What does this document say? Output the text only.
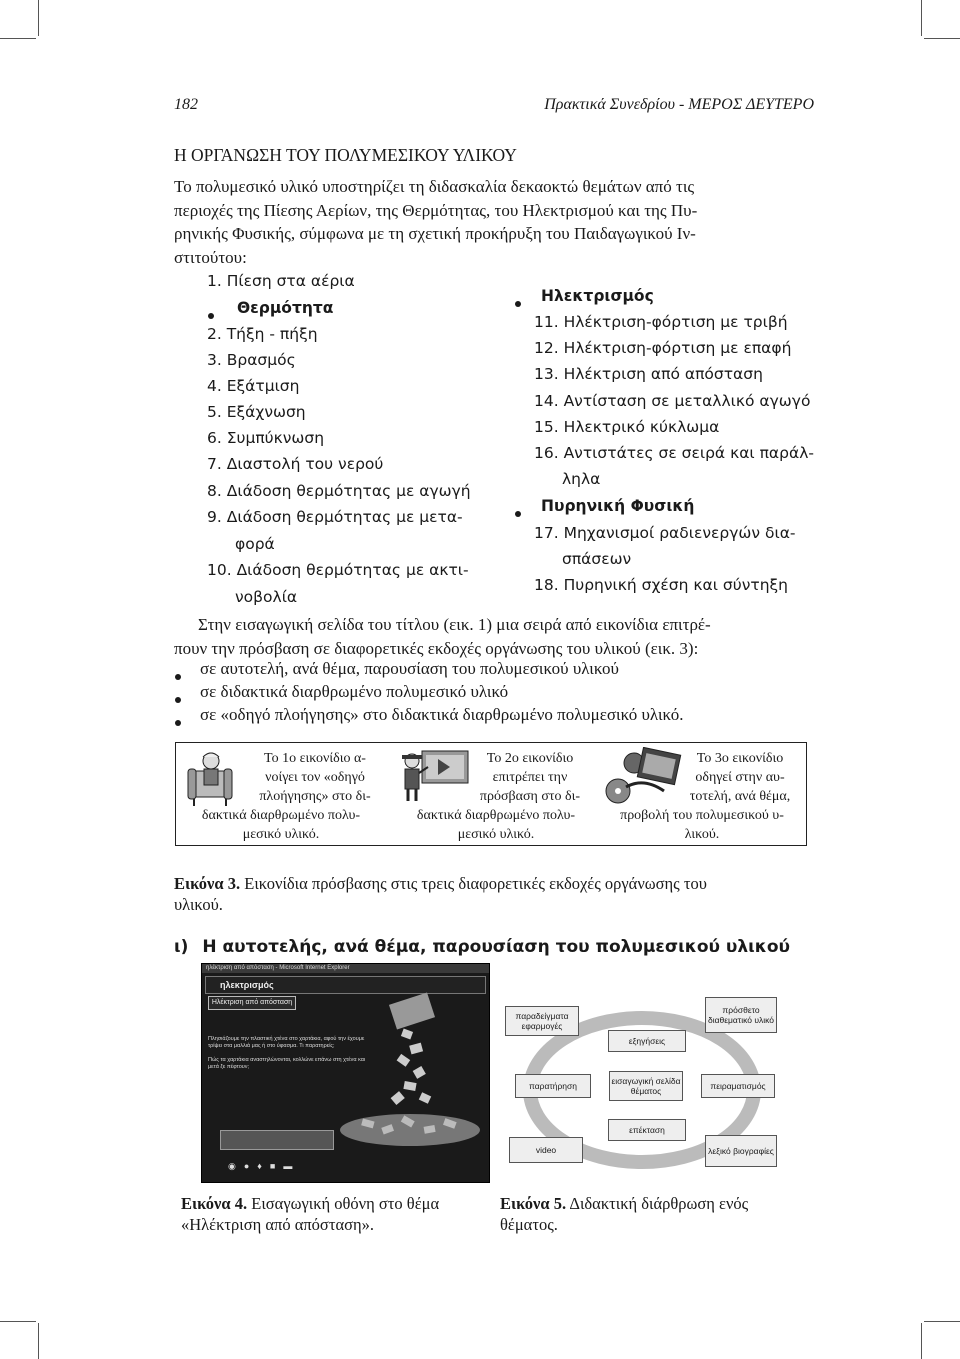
182	Πρακτικά Συνεδρίου - ΜΕΡΟΣ ΔΕΥΤΕΡΟ
Η ΟΡΓΑΝΩΣΗ ΤΟΥ ΠΟΛΥΜΕΣΙΚΟΥ ΥΛΙΚΟΥ
Το πολυμεσικό υλικό υποστηρίζει τη διδασκαλία δεκαοκτώ θεμάτων από τις
περιοχές της Πίεσης Αερίων, της Θερμότητας, του Ηλεκτρισμού και της Πυ-
ρηνικής Φυσικής, σύμφωνα με τη σχετική προκήρυξη του Παιδαγωγικού Ιν-
στιτούτου:
1. Πίεση στα αέρια
Θερμότητα
2. Τήξη - πήξη
3. Βρασμός
4. Εξάτμιση
5. Εξάχνωση
6. Συμπύκνωση
7. Διαστολή του νερού
8. Διάδοση θερμότητας με αγωγή
9. Διάδοση θερμότητας με μετα-
φορά
10. Διάδοση θερμότητας με ακτι-
νοβολία
Ηλεκτρισμός
11. Ηλέκτριση-φόρτιση με τριβή
12. Ηλέκτριση-φόρτιση με επαφή
13. Ηλέκτριση από απόσταση
14. Αντίσταση σε μεταλλικό αγωγό
15. Ηλεκτρικό κύκλωμα
16. Αντιστάτες σε σειρά και παράλ-
ληλα
Πυρηνική Φυσική
17. Μηχανισμοί ραδιενεργών δια-
σπάσεων
18. Πυρηνική σχέση και σύντηξη
Στην εισαγωγική σελίδα του τίτλου (εικ. 1) μια σειρά από εικονίδια επιτρέ-
πουν την πρόσβαση σε διαφορετικές εκδοχές οργάνωσης του υλικού (εικ. 3):
σε αυτοτελή, ανά θέμα, παρουσίαση του πολυμεσικού υλικού
σε διδακτικά διαρθρωμένο πολυμεσικό υλικό
σε «οδηγό πλοήγησης» στο διδακτικά διαρθρωμένο πολυμεσικό υλικό.
Το 1ο εικονίδιο α-
νοίγει τον «οδηγό
πλοήγησης» στο δι-
δακτικά διαρθρωμένο πολυ-
μεσικό υλικό.
Το 2ο εικονίδιο
επιτρέπει την
πρόσβαση στο δι-
δακτικά διαρθρωμένο πολυ-
μεσικό υλικό.
Το 3ο εικονίδιο
οδηγεί στην αυ-
τοτελή, ανά θέμα,
προβολή του πολυμεσικού υ-
λικού.
Εικόνα 3. Εικονίδια πρόσβασης στις τρεις διαφορετικές εκδοχές οργάνωσης του
υλικού.
ι) Η αυτοτελής, ανά θέμα, παρουσίαση του πολυμεσικού υλικού
ηλέκτριση από απόσταση - Microsoft Internet Explorer
ηλεκτρισμός
Ηλέκτριση από απόσταση
Πλησιάζουμε την πλαστική χτένα στο χαρτάκια, αφού την έχουμε τρίψει στα μαλλιά μας ή στο ύφασμα. Τι παρατηρείς;
Πώς τα χαρτάκια αναστηλώνονται, κολλώνε επάνω στη χτένα και μετά ξε πέφτουν;
◉●♦■▬
παραδείγματα εφαρμογές
πρόσθετο διαθεματικό υλικό
εξηγήσεις
παρατήρηση	εισαγωγική σελίδα θέματος	πειραματισμός
επέκταση
video	λεξικό βιογραφίες
Εικόνα 4. Εισαγωγική οθόνη στο θέμα
«Ηλέκτριση από απόσταση».
Εικόνα 5. Διδακτική διάρθρωση ενός
θέματος.
